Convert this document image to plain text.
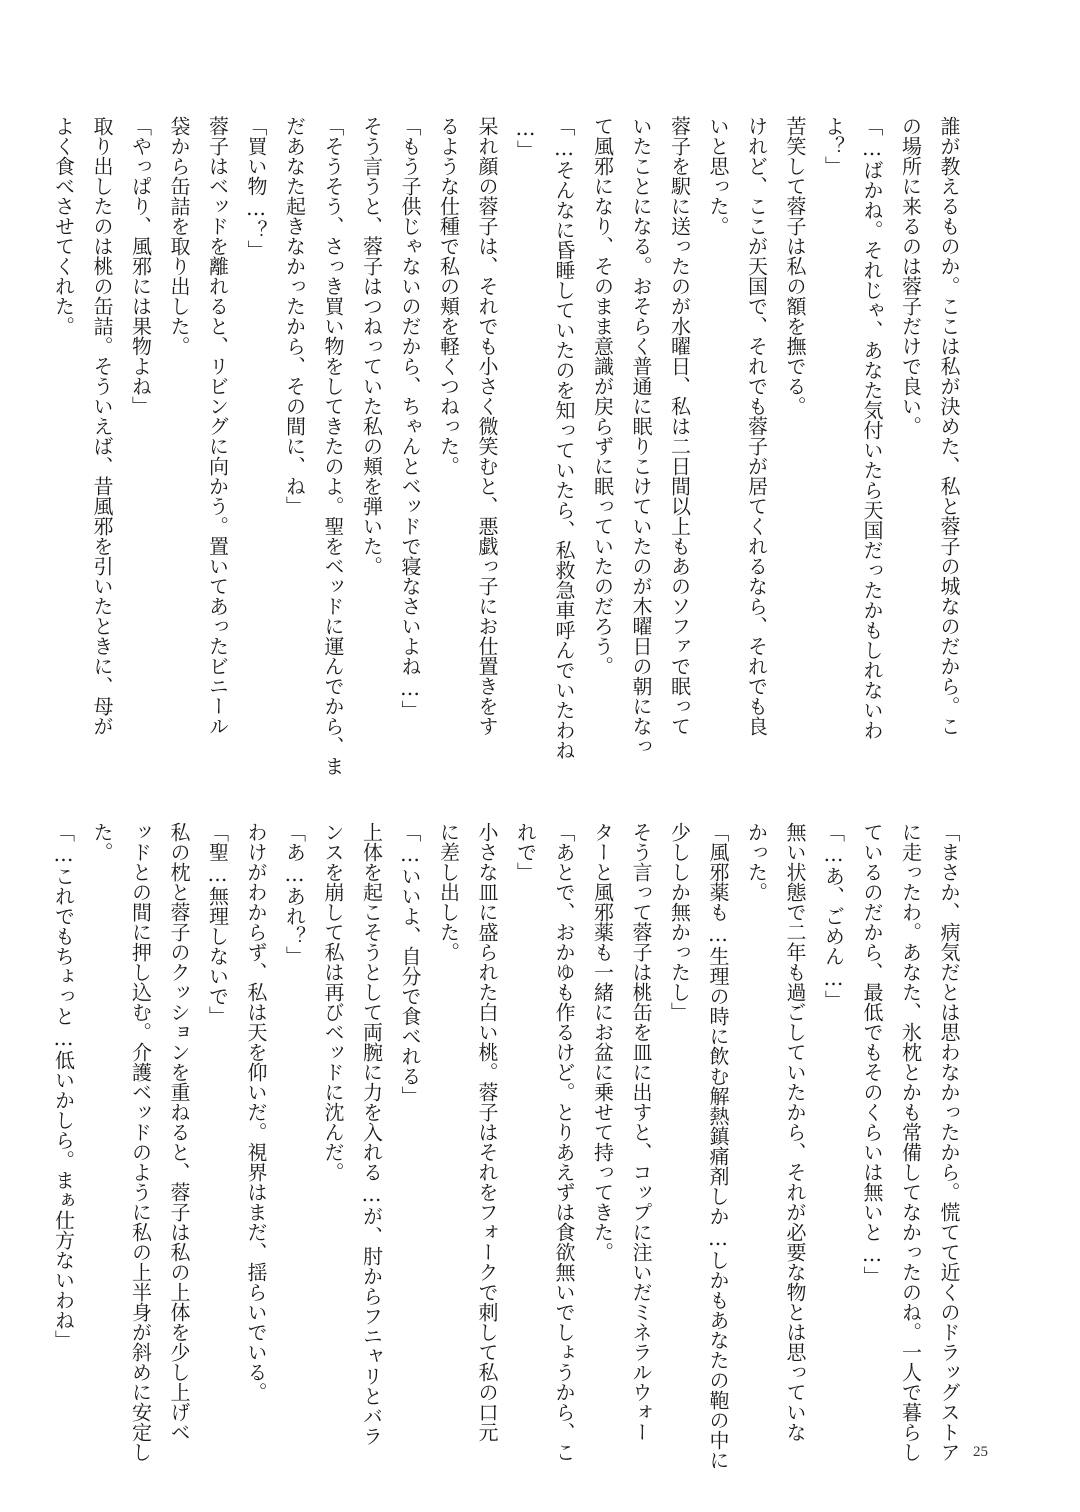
誰が教えるものか。ここは私が決めた、私と蓉子の城なのだから。こ
の場所に来るのは蓉子だけで良い。
「…ばかね。それじゃ、あなた気付いたら天国だったかもしれないわ
よ？」
苦笑して蓉子は私の額を撫でる。
けれど、ここが天国で、それでも蓉子が居てくれるなら、それでも良
いと思った。
蓉子を駅に送ったのが水曜日、私は二日間以上もあのソファで眠って
いたことになる。おそらく普通に眠りこけていたのが木曜日の朝になっ
て風邪になり、そのまま意識が戻らずに眠っていたのだろう。
「…そんなに昏睡していたのを知っていたら、私救急車呼んでいたわね
…」
呆れ顔の蓉子は、それでも小さく微笑むと、悪戯っ子にお仕置きをす
るような仕種で私の頬を軽くつねった。
「もう子供じゃないのだから、ちゃんとベッドで寝なさいよね…」
そう言うと、蓉子はつねっていた私の頬を弾いた。
「そうそう、さっき買い物をしてきたのよ。聖をベッドに運んでから、ま
だあなた起きなかったから、その間に、ね」
「買い物…？」
蓉子はベッドを離れると、リビングに向かう。置いてあったビニール
袋から缶詰を取り出した。
「やっぱり、風邪には果物よね」
取り出したのは桃の缶詰。そういえば、昔風邪を引いたときに、母が
よく食べさせてくれた。
「まさか、病気だとは思わなかったから。慌てて近くのドラッグストア
に走ったわ。あなた、氷枕とかも常備してなかったのね。一人で暮らし
ているのだから、最低でもそのくらいは無いと…」
「…あ、ごめん…」
無い状態で二年も過ごしていたから、それが必要な物とは思っていな
かった。
「風邪薬も…生理の時に飲む解熱鎮痛剤しか…しかもあなたの鞄の中に
少ししか無かったし」
そう言って蓉子は桃缶を皿に出すと、コップに注いだミネラルウォー
ターと風邪薬も一緒にお盆に乗せて持ってきた。
「あとで、おかゆも作るけど。とりあえずは食欲無いでしょうから、こ
れで」
小さな皿に盛られた白い桃。蓉子はそれをフォークで刺して私の口元
に差し出した。
「…いいよ、自分で食べれる」
上体を起こそうとして両腕に力を入れる…が、肘からフニャリとバラ
ンスを崩して私は再びベッドに沈んだ。
「あ…あれ？」
わけがわからず、私は天を仰いだ。視界はまだ、揺らいでいる。
「聖…無理しないで」
私の枕と蓉子のクッションを重ねると、蓉子は私の上体を少し上げベ
ッドとの間に押し込む。介護ベッドのように私の上半身が斜めに安定し
た。
「…これでもちょっと…低いかしら。まぁ仕方ないわね」
25
